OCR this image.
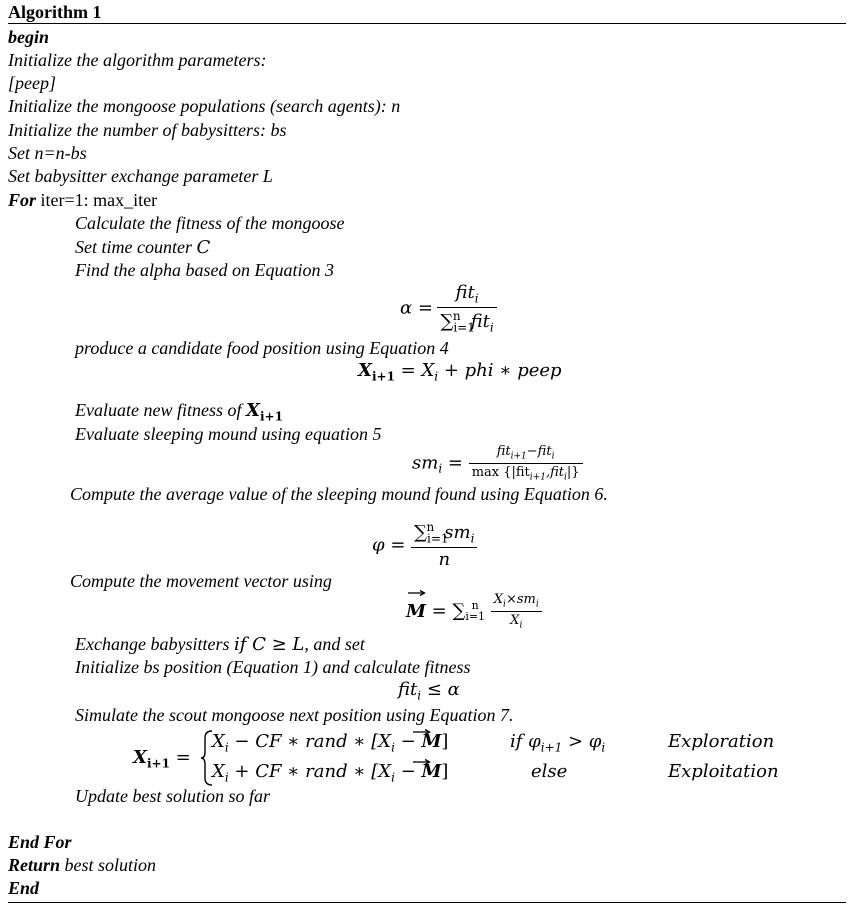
Algorithm 1
begin
Initialize the algorithm parameters:
[peep]
Initialize the mongoose populations (search agents): n
Initialize the number of babysitters: bs
Set n=n-bs
Set babysitter exchange parameter L
For iter=1: max_iter
Calculate the fitness of the mongoose
Set time counter C
Find the alpha based on Equation 3
$\alpha = \frac{fit_i}{\sum_{i=1}^n fit_i}$
produce a candidate food position using Equation 4
$X_{i+1} = X_i$ + phi ∗ peep
Evaluate new fitness of $X_{i+1}$
Evaluate sleeping mound using equation 5
$sm_i = \frac{fit_{i+1}-fit_i}{\max \{|fit_{i+1},fit_i|\}}$
Compute the average value of the sleeping mound found using Equation 6.
$\varphi = \frac{\sum_{i=1}^n sm_i}{n}$
Compute the movement vector using
M
= ∑ n
i=1
$\frac{X_i\times sm_i}{X_i}$
Exchange babysitters if C ≥ L, and set
Initialize bs position (Equation 1) and calculate fitness
fit$_i$ ≤ α
Simulate the scout mongoose next position using Equation 7.
$X_{i+1}$ =
$X_i$ − CF ∗ rand ∗ $[X_i - M]$	if $\varphi_{i+1} > \varphi_i$	Exploration
$X_i$ + CF ∗ rand ∗ $[X_i - M]$	else	Exploitation
Update best solution so far
End For
Return best solution
End
